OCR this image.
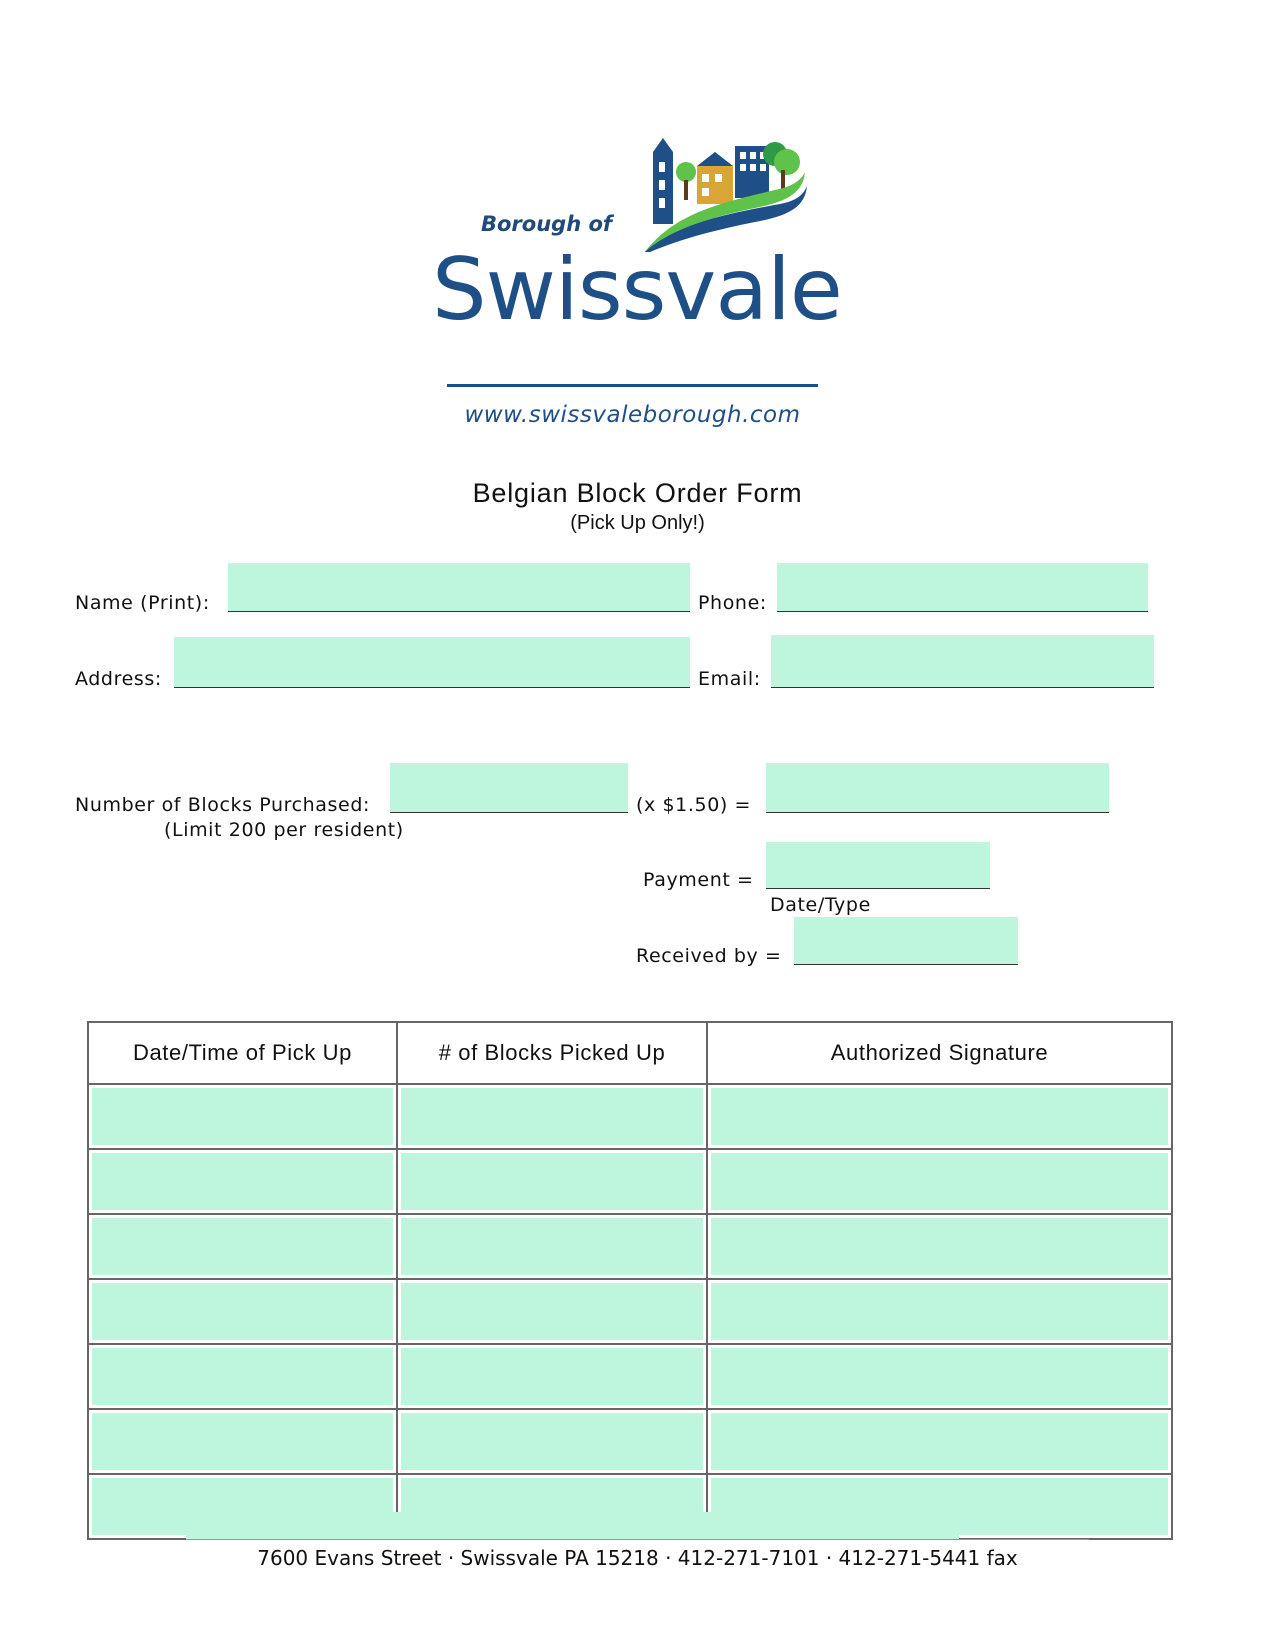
Borough of
Swissvale
www.swissvaleborough.com
Belgian Block Order Form
(Pick Up Only!)
Name (Print):	Phone:
Address:	Email:
Number of Blocks Purchased:
(Limit 200 per resident)
(x $1.50) =
Payment =
Date/Type
Received by =
Date/Time of Pick Up	# of Blocks Picked Up	Authorized Signature

7600 Evans Street · Swissvale PA 15218 · 412-271-7101 · 412-271-5441 fax
